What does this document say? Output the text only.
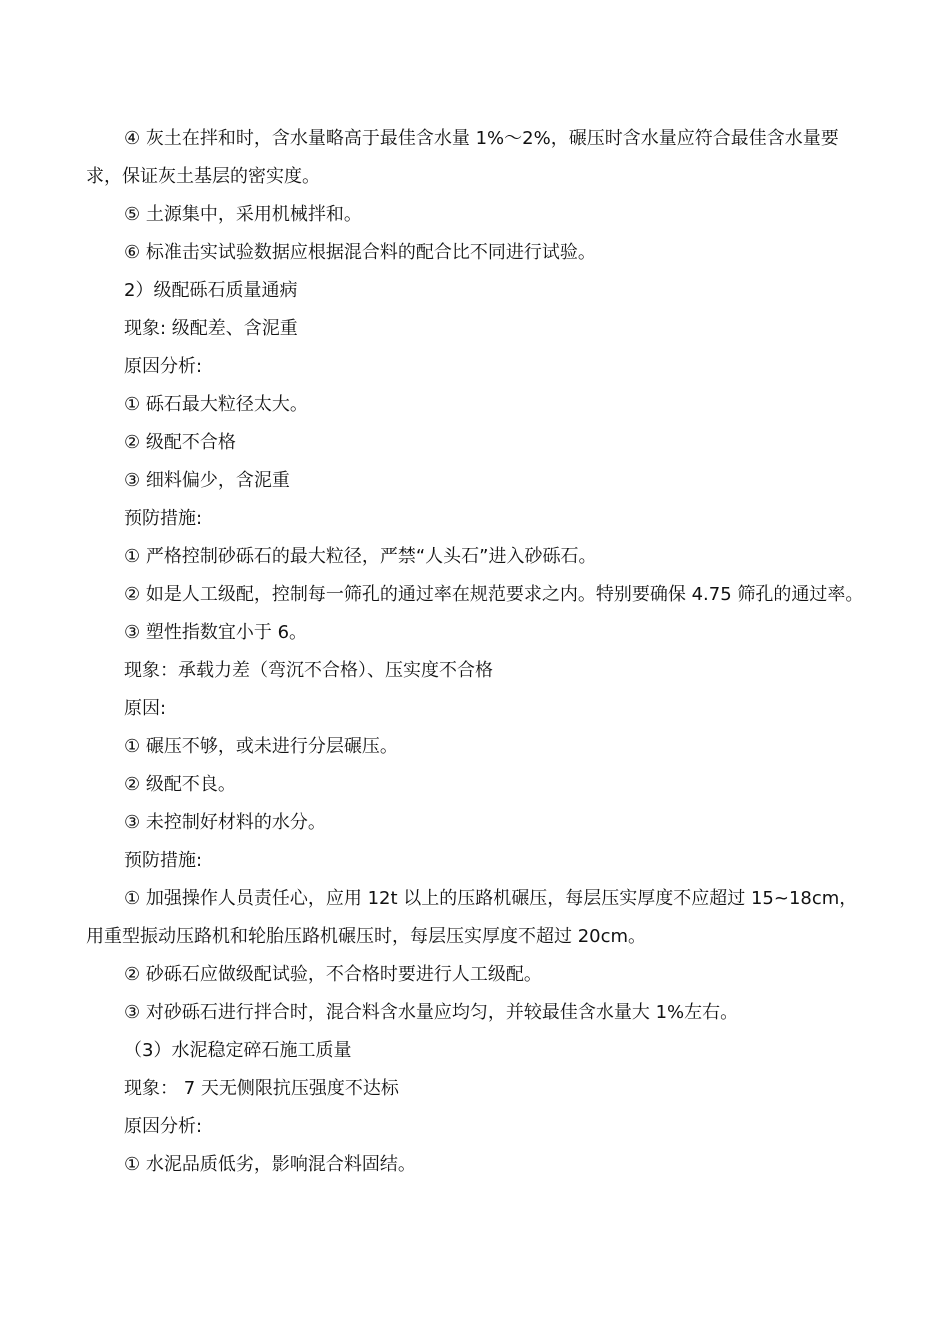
④ 灰土在拌和时，含水量略高于最佳含水量 1%～2%，碾压时含水量应符合最佳含水量要求，保证灰土基层的密实度。

⑤ 土源集中，采用机械拌和。

⑥ 标准击实试验数据应根据混合料的配合比不同进行试验。

2）级配砾石质量通病

现象: 级配差、含泥重

原因分析:

① 砾石最大粒径太大。

② 级配不合格

③ 细料偏少，含泥重

预防措施:

① 严格控制砂砾石的最大粒径，严禁“人头石”进入砂砾石。

② 如是人工级配，控制每一筛孔的通过率在规范要求之内。特别要确保 4.75 筛孔的通过率。

③ 塑性指数宜小于 6。

现象：承载力差（弯沉不合格）、压实度不合格

原因:

① 碾压不够，或未进行分层碾压。

② 级配不良。

③ 未控制好材料的水分。

预防措施:

① 加强操作人员责任心，应用 12t 以上的压路机碾压，每层压实厚度不应超过 15~18cm，用重型振动压路机和轮胎压路机碾压时，每层压实厚度不超过 20cm。

② 砂砾石应做级配试验，不合格时要进行人工级配。

③ 对砂砾石进行拌合时，混合料含水量应均匀，并较最佳含水量大 1%左右。

（3）水泥稳定碎石施工质量

现象： 7 天无侧限抗压强度不达标

原因分析:

① 水泥品质低劣，影响混合料固结。
